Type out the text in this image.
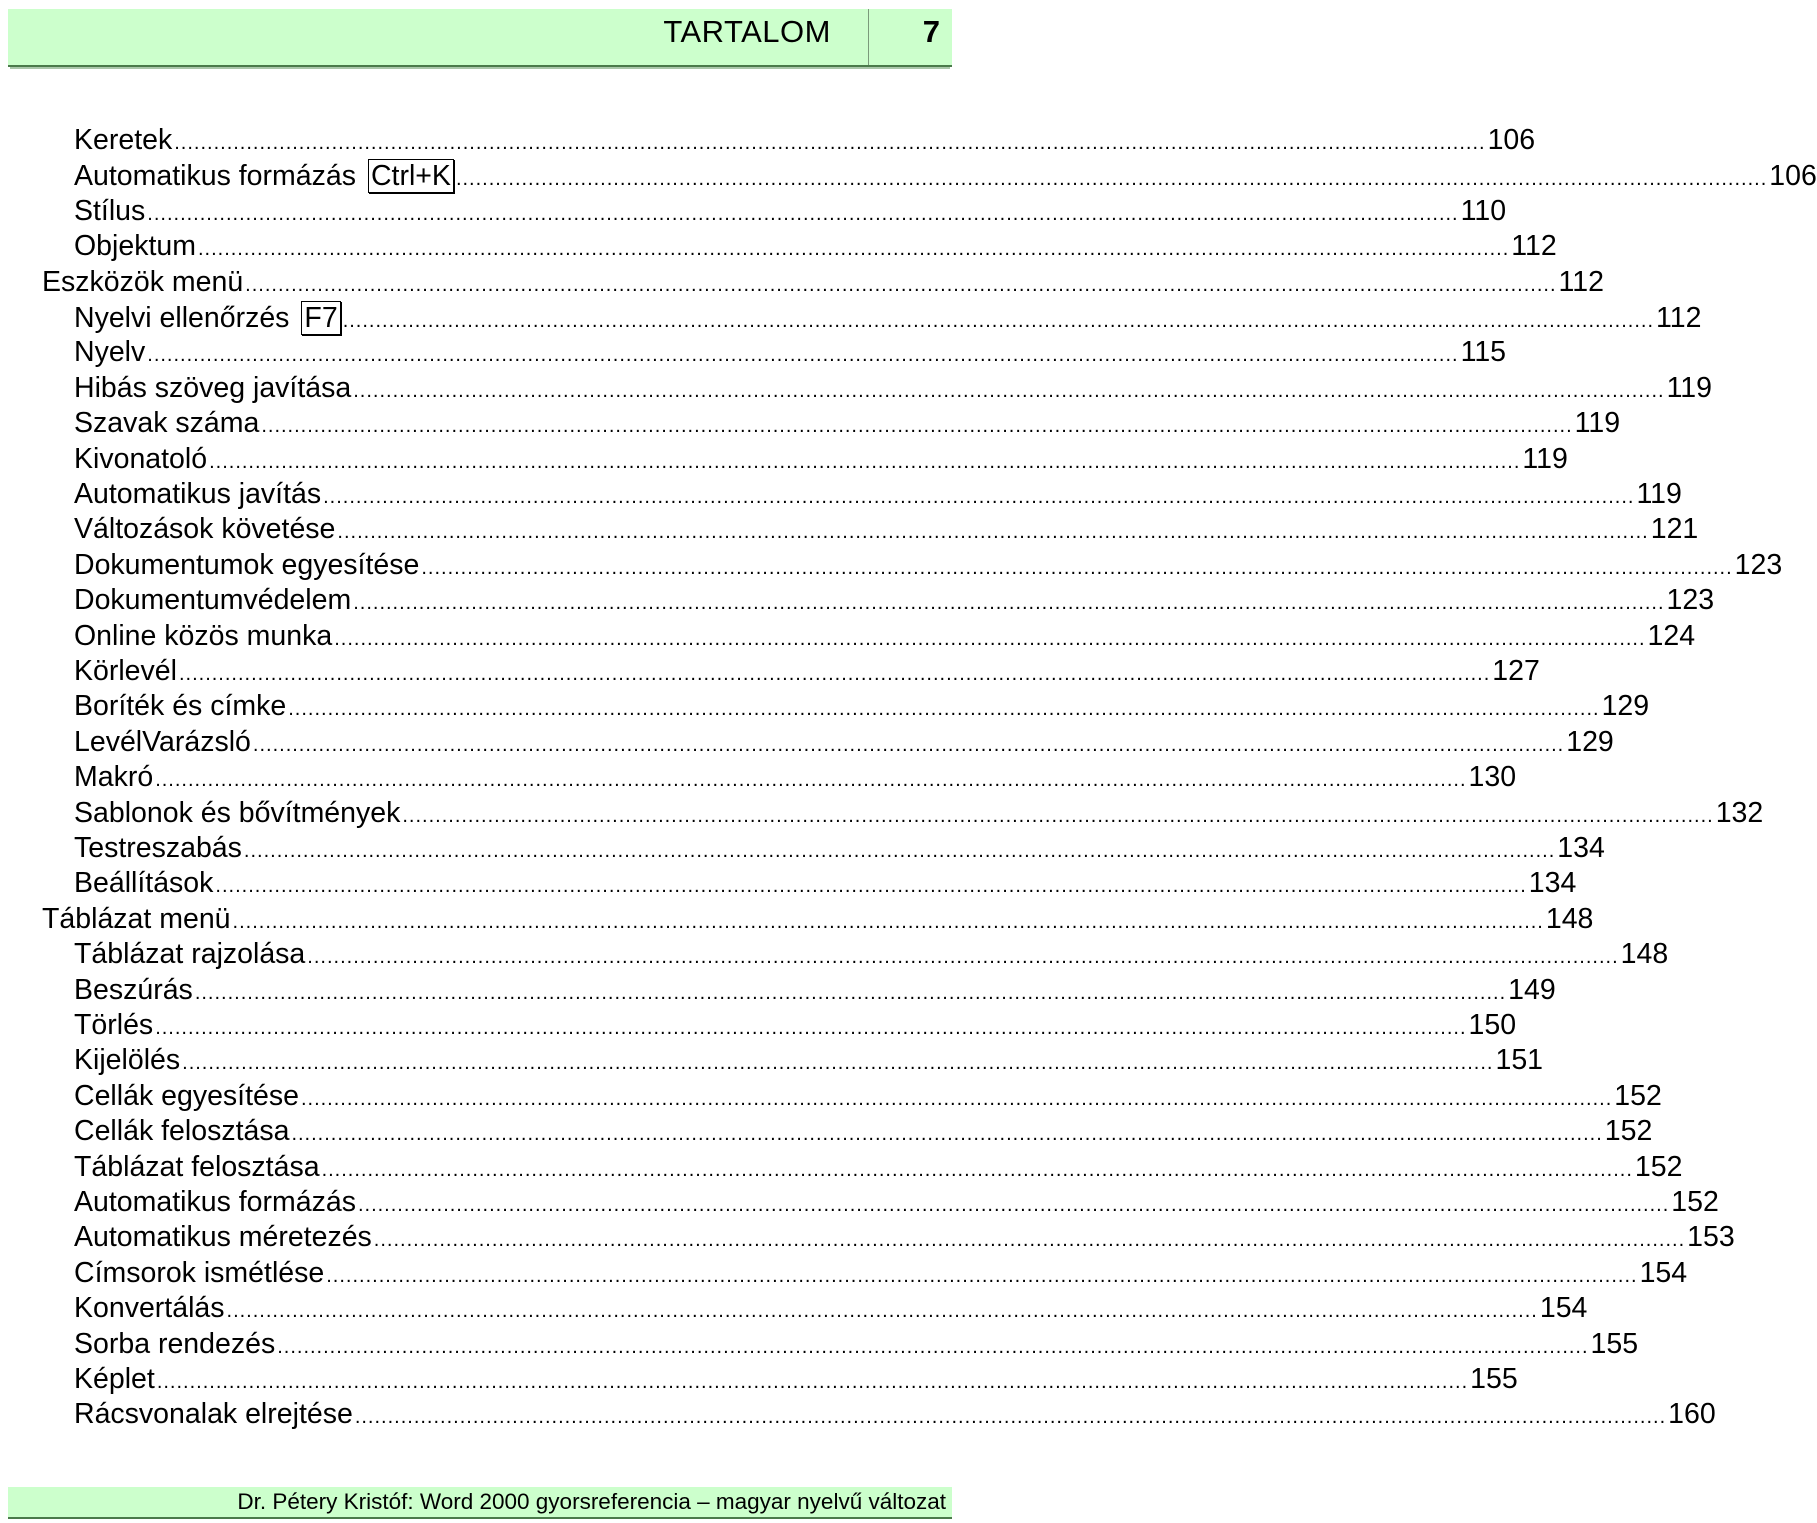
TARTALOM	7
Keretek ........................................................................................................................................................................................................ 106
Automatikus formázás Ctrl+K ........................................................................................................................................................................................................ 106
Stílus ........................................................................................................................................................................................................ 110
Objektum ........................................................................................................................................................................................................ 112
Eszközök menü ........................................................................................................................................................................................................ 112
Nyelvi ellenőrzés F7 ........................................................................................................................................................................................................ 112
Nyelv ........................................................................................................................................................................................................ 115
Hibás szöveg javítása ........................................................................................................................................................................................................ 119
Szavak száma ........................................................................................................................................................................................................ 119
Kivonatoló ........................................................................................................................................................................................................ 119
Automatikus javítás ........................................................................................................................................................................................................ 119
Változások követése ........................................................................................................................................................................................................ 121
Dokumentumok egyesítése ........................................................................................................................................................................................................ 123
Dokumentumvédelem ........................................................................................................................................................................................................ 123
Online közös munka ........................................................................................................................................................................................................ 124
Körlevél ........................................................................................................................................................................................................ 127
Boríték és címke ........................................................................................................................................................................................................ 129
LevélVarázsló ........................................................................................................................................................................................................ 129
Makró ........................................................................................................................................................................................................ 130
Sablonok és bővítmények ........................................................................................................................................................................................................ 132
Testreszabás ........................................................................................................................................................................................................ 134
Beállítások ........................................................................................................................................................................................................ 134
Táblázat menü ........................................................................................................................................................................................................ 148
Táblázat rajzolása ........................................................................................................................................................................................................ 148
Beszúrás ........................................................................................................................................................................................................ 149
Törlés ........................................................................................................................................................................................................ 150
Kijelölés ........................................................................................................................................................................................................ 151
Cellák egyesítése ........................................................................................................................................................................................................ 152
Cellák felosztása ........................................................................................................................................................................................................ 152
Táblázat felosztása ........................................................................................................................................................................................................ 152
Automatikus formázás ........................................................................................................................................................................................................ 152
Automatikus méretezés ........................................................................................................................................................................................................ 153
Címsorok ismétlése ........................................................................................................................................................................................................ 154
Konvertálás ........................................................................................................................................................................................................ 154
Sorba rendezés ........................................................................................................................................................................................................ 155
Képlet ........................................................................................................................................................................................................ 155
Rácsvonalak elrejtése ........................................................................................................................................................................................................ 160
Dr. Pétery Kristóf: Word 2000 gyorsreferencia – magyar nyelvű változat
